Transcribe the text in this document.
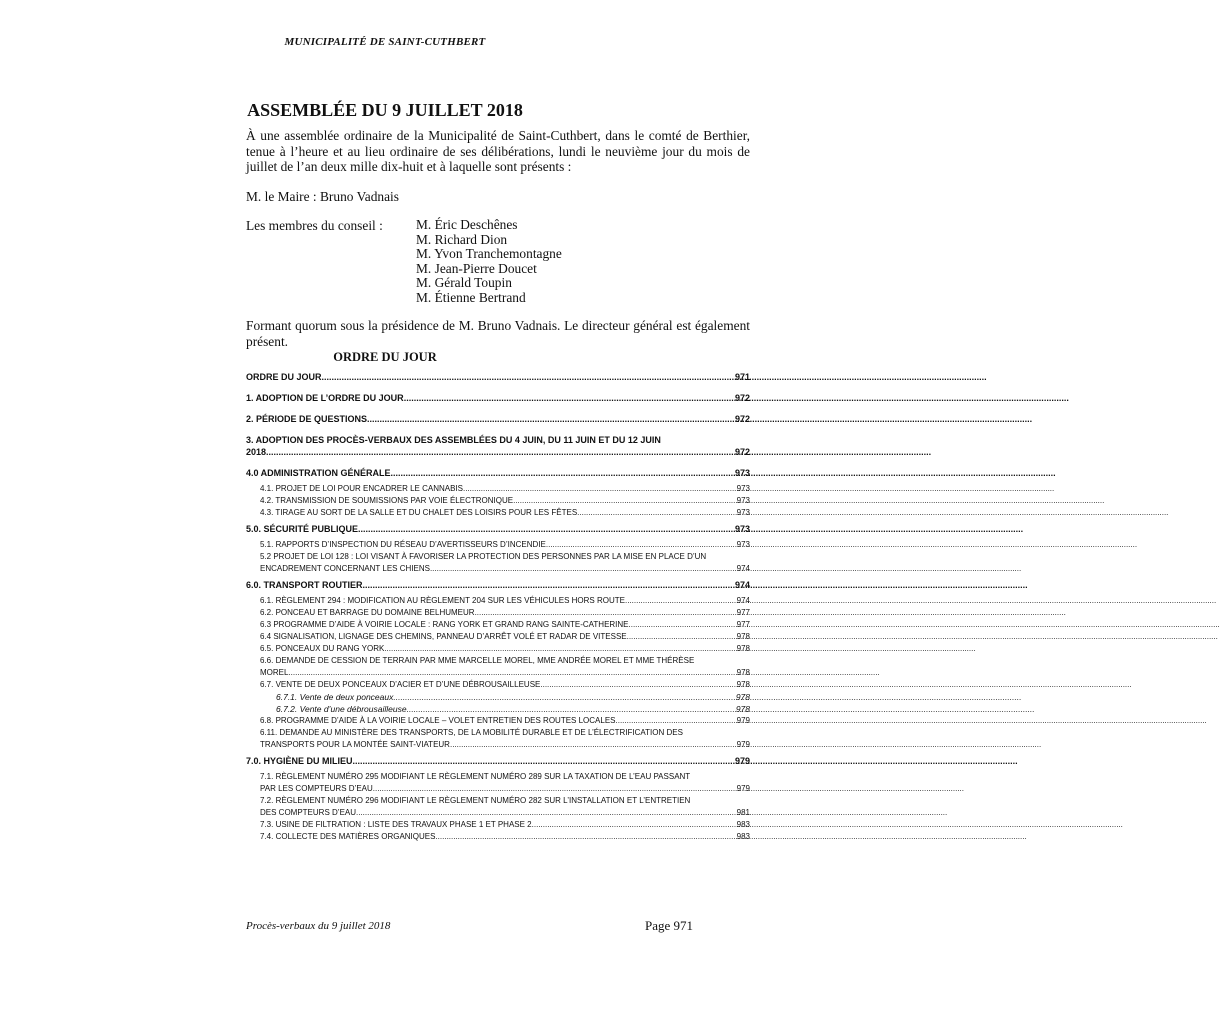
MUNICIPALITÉ DE SAINT-CUTHBERT
ASSEMBLÉE DU 9 JUILLET 2018
À une assemblée ordinaire de la Municipalité de Saint-Cuthbert, dans le comté de Berthier, tenue à l’heure et au lieu ordinaire de ses délibérations, lundi le neuvième jour du mois de juillet de l’an deux mille dix-huit et à laquelle sont présents :
M. le Maire : Bruno Vadnais
Les membres du conseil : M. Éric Deschênes
M. Richard Dion
M. Yvon Tranchemontagne
M. Jean-Pierre Doucet
M. Gérald Toupin
M. Étienne Bertrand
Formant quorum sous la présidence de M. Bruno Vadnais. Le directeur général est également présent.
ORDRE DU JOUR
ORDRE DU JOUR .....	971
1. ADOPTION DE L’ORDRE DU JOUR .....	972
2. PÉRIODE DE QUESTIONS .....	972
3. ADOPTION DES PROCÈS-VERBAUX DES ASSEMBLÉES DU 4 JUIN, DU 11 JUIN ET DU 12 JUIN
2018 .....	972
4.0 ADMINISTRATION GÉNÉRALE .....	973
4.1. PROJET DE LOI POUR ENCADRER LE CANNABIS .....	973
4.2. TRANSMISSION DE SOUMISSIONS PAR VOIE ÉLECTRONIQUE .....	973
4.3. TIRAGE AU SORT DE LA SALLE ET DU CHALET DES LOISIRS POUR LES FÊTES .....	973
5.0. SÉCURITÉ PUBLIQUE .....	973
5.1. RAPPORTS D’INSPECTION DU RÉSEAU D’AVERTISSEURS D’INCENDIE .....	973
5.2 PROJET DE LOI 128 : LOI VISANT À FAVORISER LA PROTECTION DES PERSONNES PAR LA MISE EN PLACE D’UN
ENCADREMENT CONCERNANT LES CHIENS .....	974
6.0. TRANSPORT ROUTIER .....	974
6.1. RÈGLEMENT 294 : MODIFICATION AU RÈGLEMENT 204 SUR LES VÉHICULES HORS ROUTE .....	974
6.2. PONCEAU ET BARRAGE DU DOMAINE BELHUMEUR .....	977
6.3 PROGRAMME D’AIDE À VOIRIE LOCALE : RANG YORK ET GRAND RANG SAINTE-CATHERINE .....	977
6.4 SIGNALISATION, LIGNAGE DES CHEMINS, PANNEAU D’ARRÊT VOLÉ ET RADAR DE VITESSE .....	978
6.5. PONCEAUX DU RANG YORK .....	978
6.6. DEMANDE DE CESSION DE TERRAIN PAR MME MARCELLE MOREL, MME ANDRÉE MOREL ET MME THÉRÈSE
MOREL .....	978
6.7. VENTE DE DEUX PONCEAUX D’ACIER ET D’UNE DÉBROUSAILLEUSE .....	978
6.7.1. Vente de deux ponceaux .....	978
6.7.2. Vente d’une débrousailleuse .....	978
6.8. PROGRAMME D’AIDE À LA VOIRIE LOCALE – VOLET ENTRETIEN DES ROUTES LOCALES .....	979
6.11. DEMANDE AU MINISTÈRE DES TRANSPORTS, DE LA MOBILITÉ DURABLE ET DE L’ÉLECTRIFICATION DES
TRANSPORTS POUR LA MONTÉE SAINT-VIATEUR .....	979
7.0. HYGIÈNE DU MILIEU .....	979
7.1. RÈGLEMENT NUMÉRO 295 MODIFIANT LE RÈGLEMENT NUMÉRO 289 SUR LA TAXATION DE L’EAU PASSANT
PAR LES COMPTEURS D’EAU .....	979
7.2. RÈGLEMENT NUMÉRO 296 MODIFIANT LE RÈGLEMENT NUMÉRO 282 SUR L’INSTALLATION ET L’ENTRETIEN
DES COMPTEURS D’EAU .....	981
7.3. USINE DE FILTRATION : LISTE DES TRAVAUX PHASE 1 ET PHASE 2 .....	983
7.4. COLLECTE DES MATIÈRES ORGANIQUES .....	983
Procès-verbaux du 9 juillet 2018	Page 971
